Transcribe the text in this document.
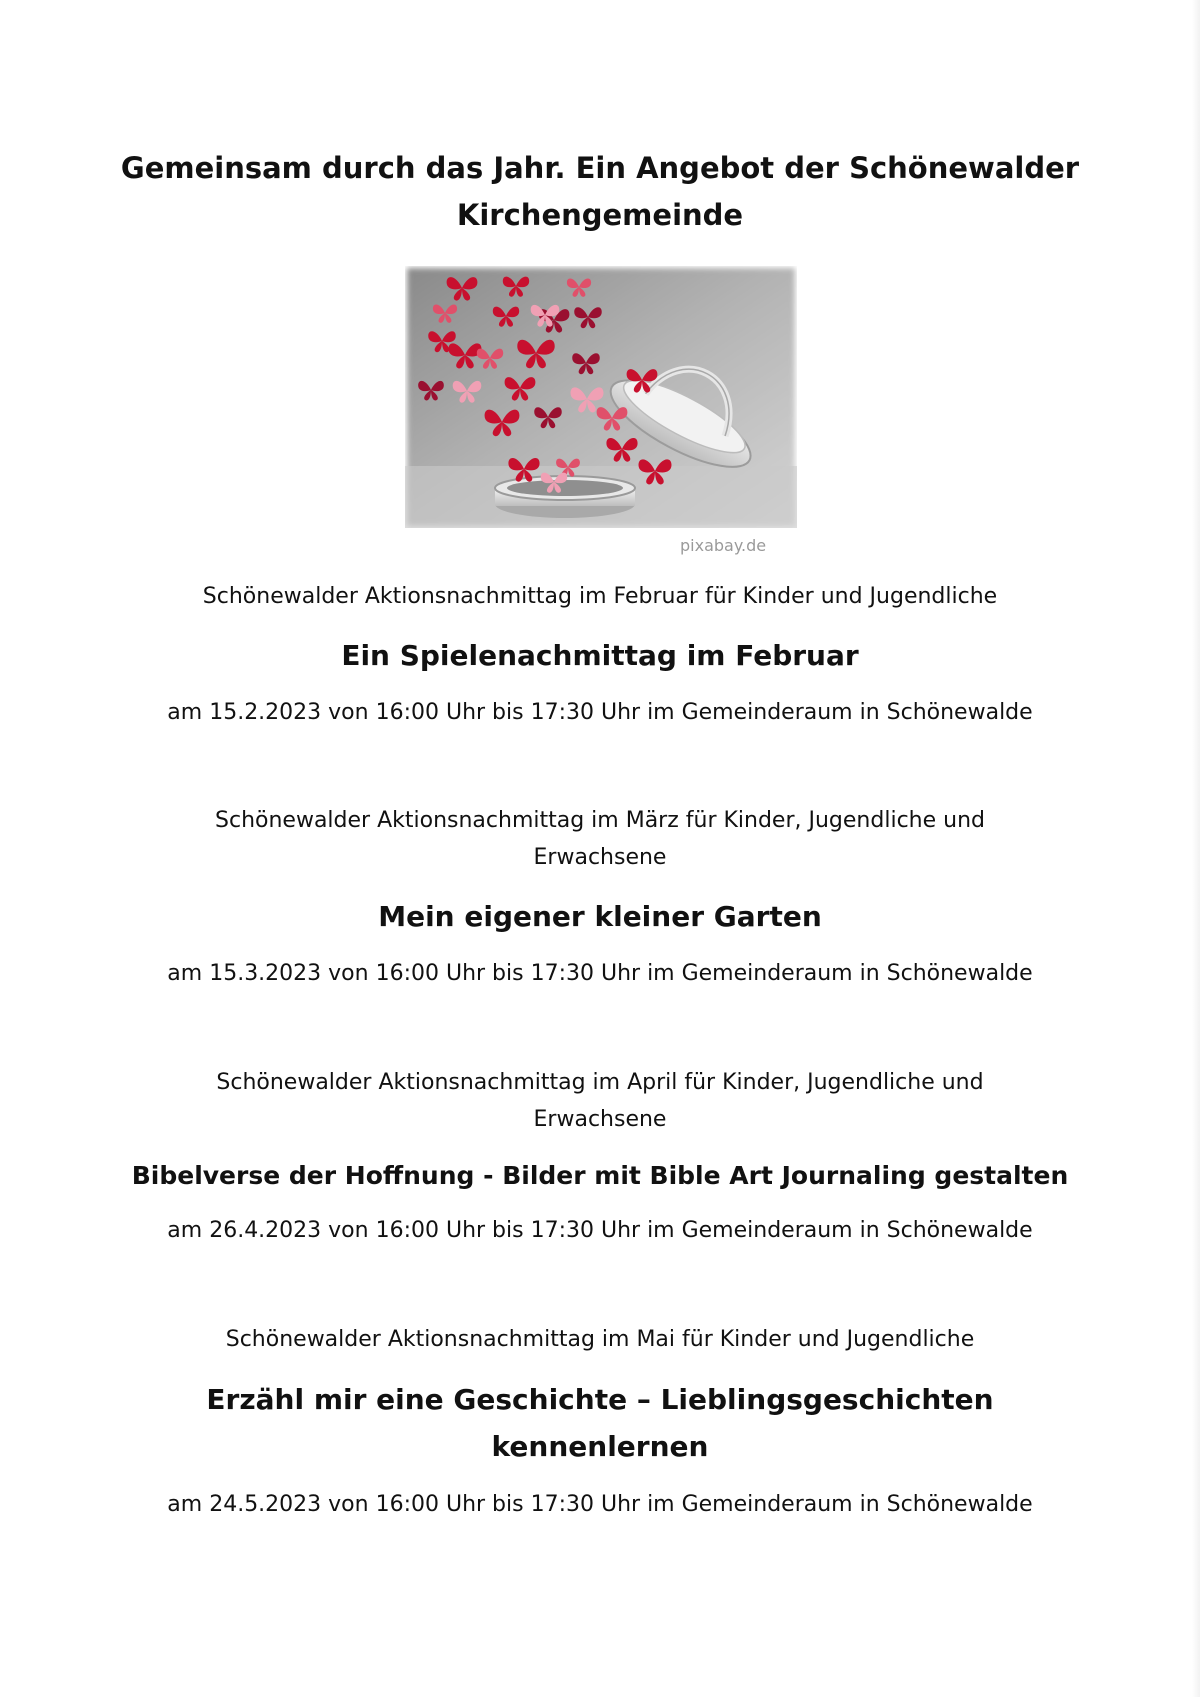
Gemeinsam durch das Jahr. Ein Angebot der Schönewalder
Kirchengemeinde
pixabay.de
Schönewalder Aktionsnachmittag im Februar für Kinder und Jugendliche
Ein Spielenachmittag im Februar
am 15.2.2023 von 16:00 Uhr bis 17:30 Uhr im Gemeinderaum in Schönewalde
Schönewalder Aktionsnachmittag im März für Kinder, Jugendliche und
Erwachsene
Mein eigener kleiner Garten
am 15.3.2023 von 16:00 Uhr bis 17:30 Uhr im Gemeinderaum in Schönewalde
Schönewalder Aktionsnachmittag im April für Kinder, Jugendliche und
Erwachsene
Bibelverse der Hoffnung - Bilder mit Bible Art Journaling gestalten
am 26.4.2023 von 16:00 Uhr bis 17:30 Uhr im Gemeinderaum in Schönewalde
Schönewalder Aktionsnachmittag im Mai für Kinder und Jugendliche
Erzähl mir eine Geschichte – Lieblingsgeschichten
kennenlernen
am 24.5.2023 von 16:00 Uhr bis 17:30 Uhr im Gemeinderaum in Schönewalde
